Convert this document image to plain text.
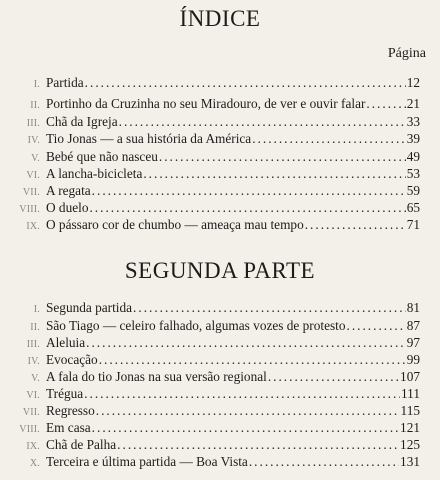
ÍNDICE
Página
I. Partida .....	12
II. Portinho da Cruzinha no seu Miradouro, de ver e ouvir falar .....	21
III. Chã da Igreja .....	33
IV. Tio Jonas — a sua história da América .....	39
V. Bebé que não nasceu .....	49
VI. A lancha-bicicleta .....	53
VII. A regata .....	59
VIII. O duelo .....	65
IX. O pássaro cor de chumbo — ameaça mau tempo .....	71
SEGUNDA PARTE
I. Segunda partida .....	81
II. São Tiago — celeiro falhado, algumas vozes de protesto .....	87
III. Aleluia .....	97
IV. Evocação .....	99
V. A fala do tio Jonas na sua versão regional .....	107
VI. Trégua .....	111
VII. Regresso .....	115
VIII. Em casa .....	121
IX. Chã de Palha .....	125
X. Terceira e última partida — Boa Vista .....	131
